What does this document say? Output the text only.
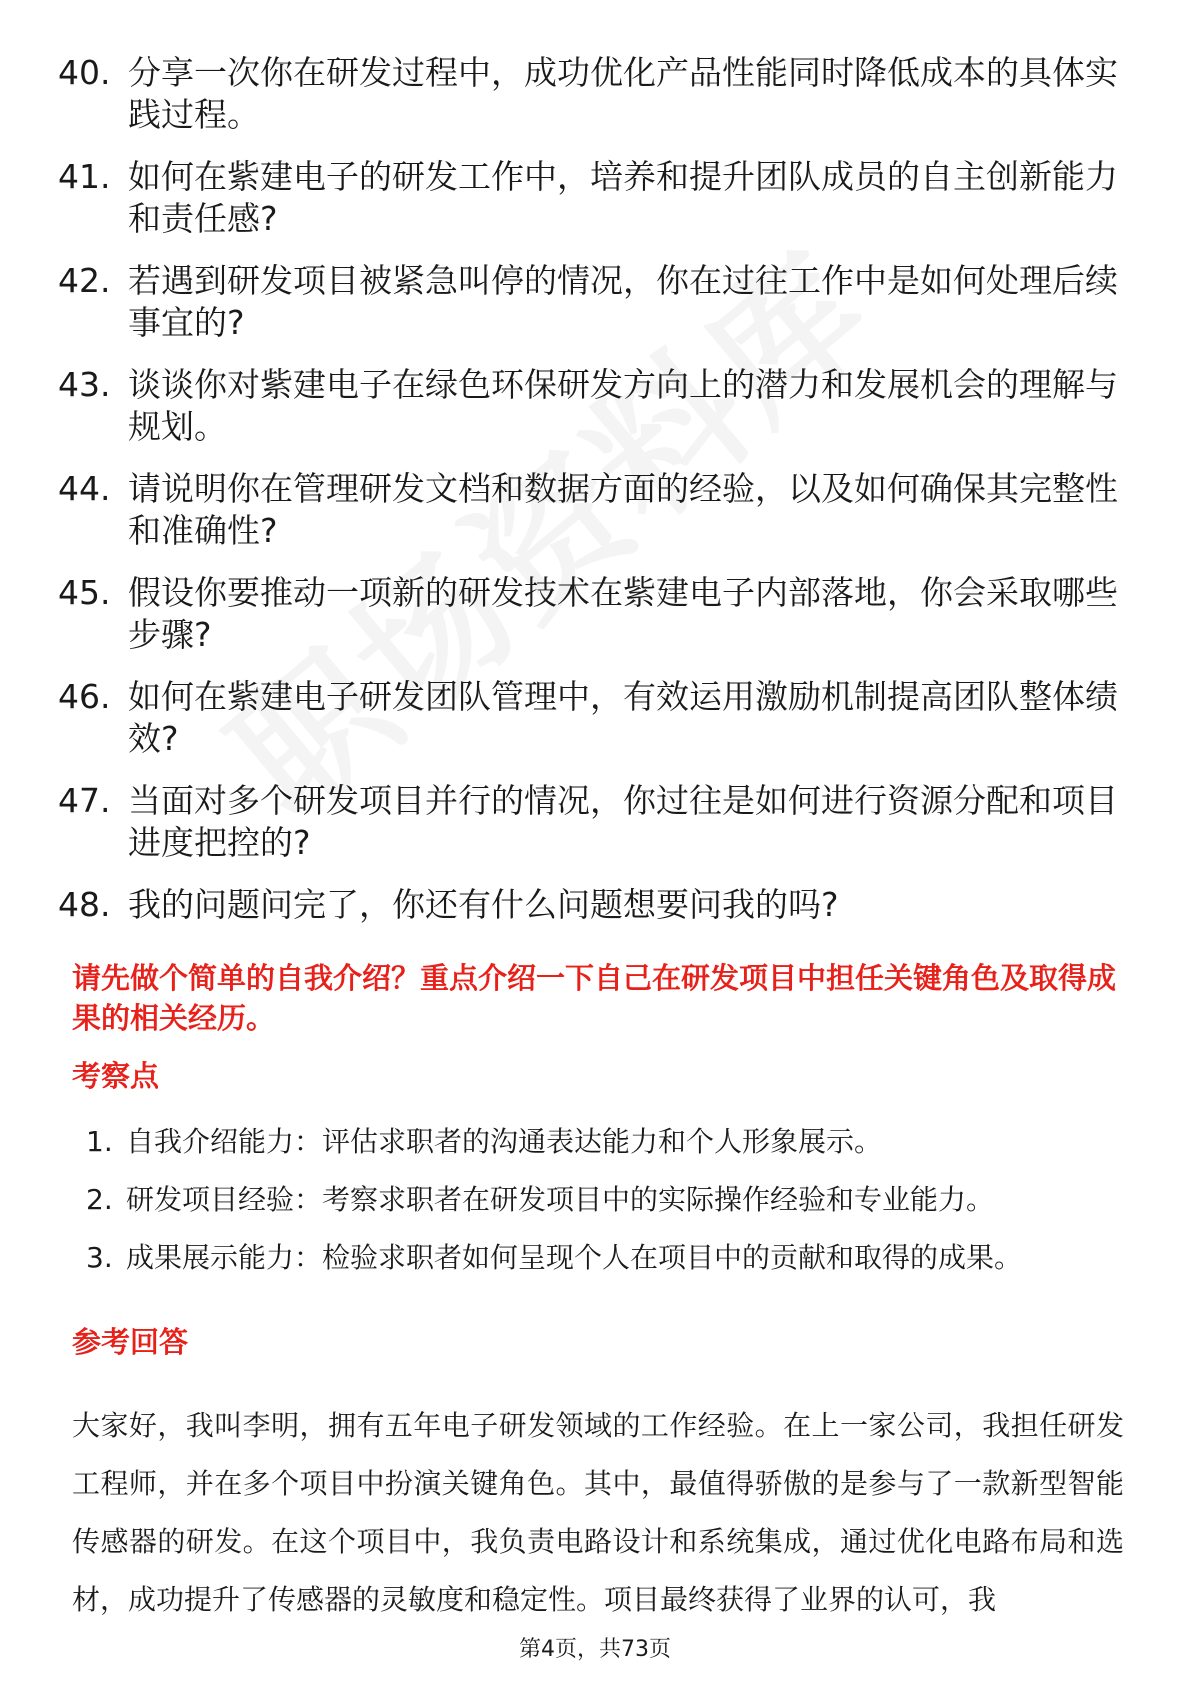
40. 分享一次你在研发过程中，成功优化产品性能同时降低成本的具体实践过程。
41. 如何在紫建电子的研发工作中，培养和提升团队成员的自主创新能力和责任感?
42. 若遇到研发项目被紧急叫停的情况，你在过往工作中是如何处理后续事宜的?
43. 谈谈你对紫建电子在绿色环保研发方向上的潜力和发展机会的理解与规划。
44. 请说明你在管理研发文档和数据方面的经验，以及如何确保其完整性和准确性?
45. 假设你要推动一项新的研发技术在紫建电子内部落地，你会采取哪些步骤?
46. 如何在紫建电子研发团队管理中，有效运用激励机制提高团队整体绩效?
47. 当面对多个研发项目并行的情况，你过往是如何进行资源分配和项目进度把控的?
48. 我的问题问完了，你还有什么问题想要问我的吗?
请先做个简单的自我介绍？重点介绍一下自己在研发项目中担任关键角色及取得成果的相关经历。
考察点
1. 自我介绍能力：评估求职者的沟通表达能力和个人形象展示。
2. 研发项目经验：考察求职者在研发项目中的实际操作经验和专业能力。
3. 成果展示能力：检验求职者如何呈现个人在项目中的贡献和取得的成果。
参考回答
大家好，我叫李明，拥有五年电子研发领域的工作经验。在上一家公司，我担任研发工程师，并在多个项目中扮演关键角色。其中，最值得骄傲的是参与了一款新型智能传感器的研发。在这个项目中，我负责电路设计和系统集成，通过优化电路布局和选材，成功提升了传感器的灵敏度和稳定性。项目最终获得了业界的认可，我
第4页，共73页
